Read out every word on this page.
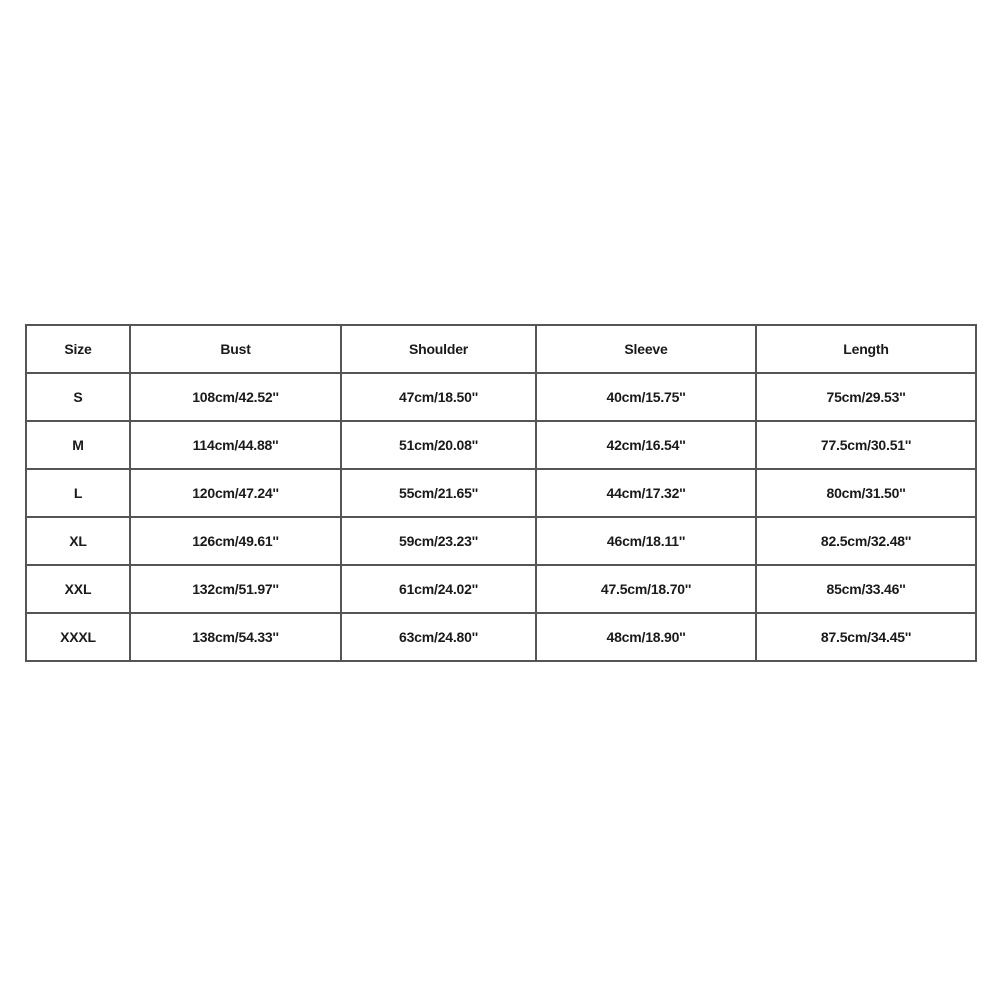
Size	Bust	Shoulder	Sleeve	Length
S	108cm/42.52''	47cm/18.50''	40cm/15.75''	75cm/29.53''
M	114cm/44.88''	51cm/20.08''	42cm/16.54''	77.5cm/30.51''
L	120cm/47.24''	55cm/21.65''	44cm/17.32''	80cm/31.50''
XL	126cm/49.61''	59cm/23.23''	46cm/18.11''	82.5cm/32.48''
XXL	132cm/51.97''	61cm/24.02''	47.5cm/18.70''	85cm/33.46''
XXXL	138cm/54.33''	63cm/24.80''	48cm/18.90''	87.5cm/34.45''
